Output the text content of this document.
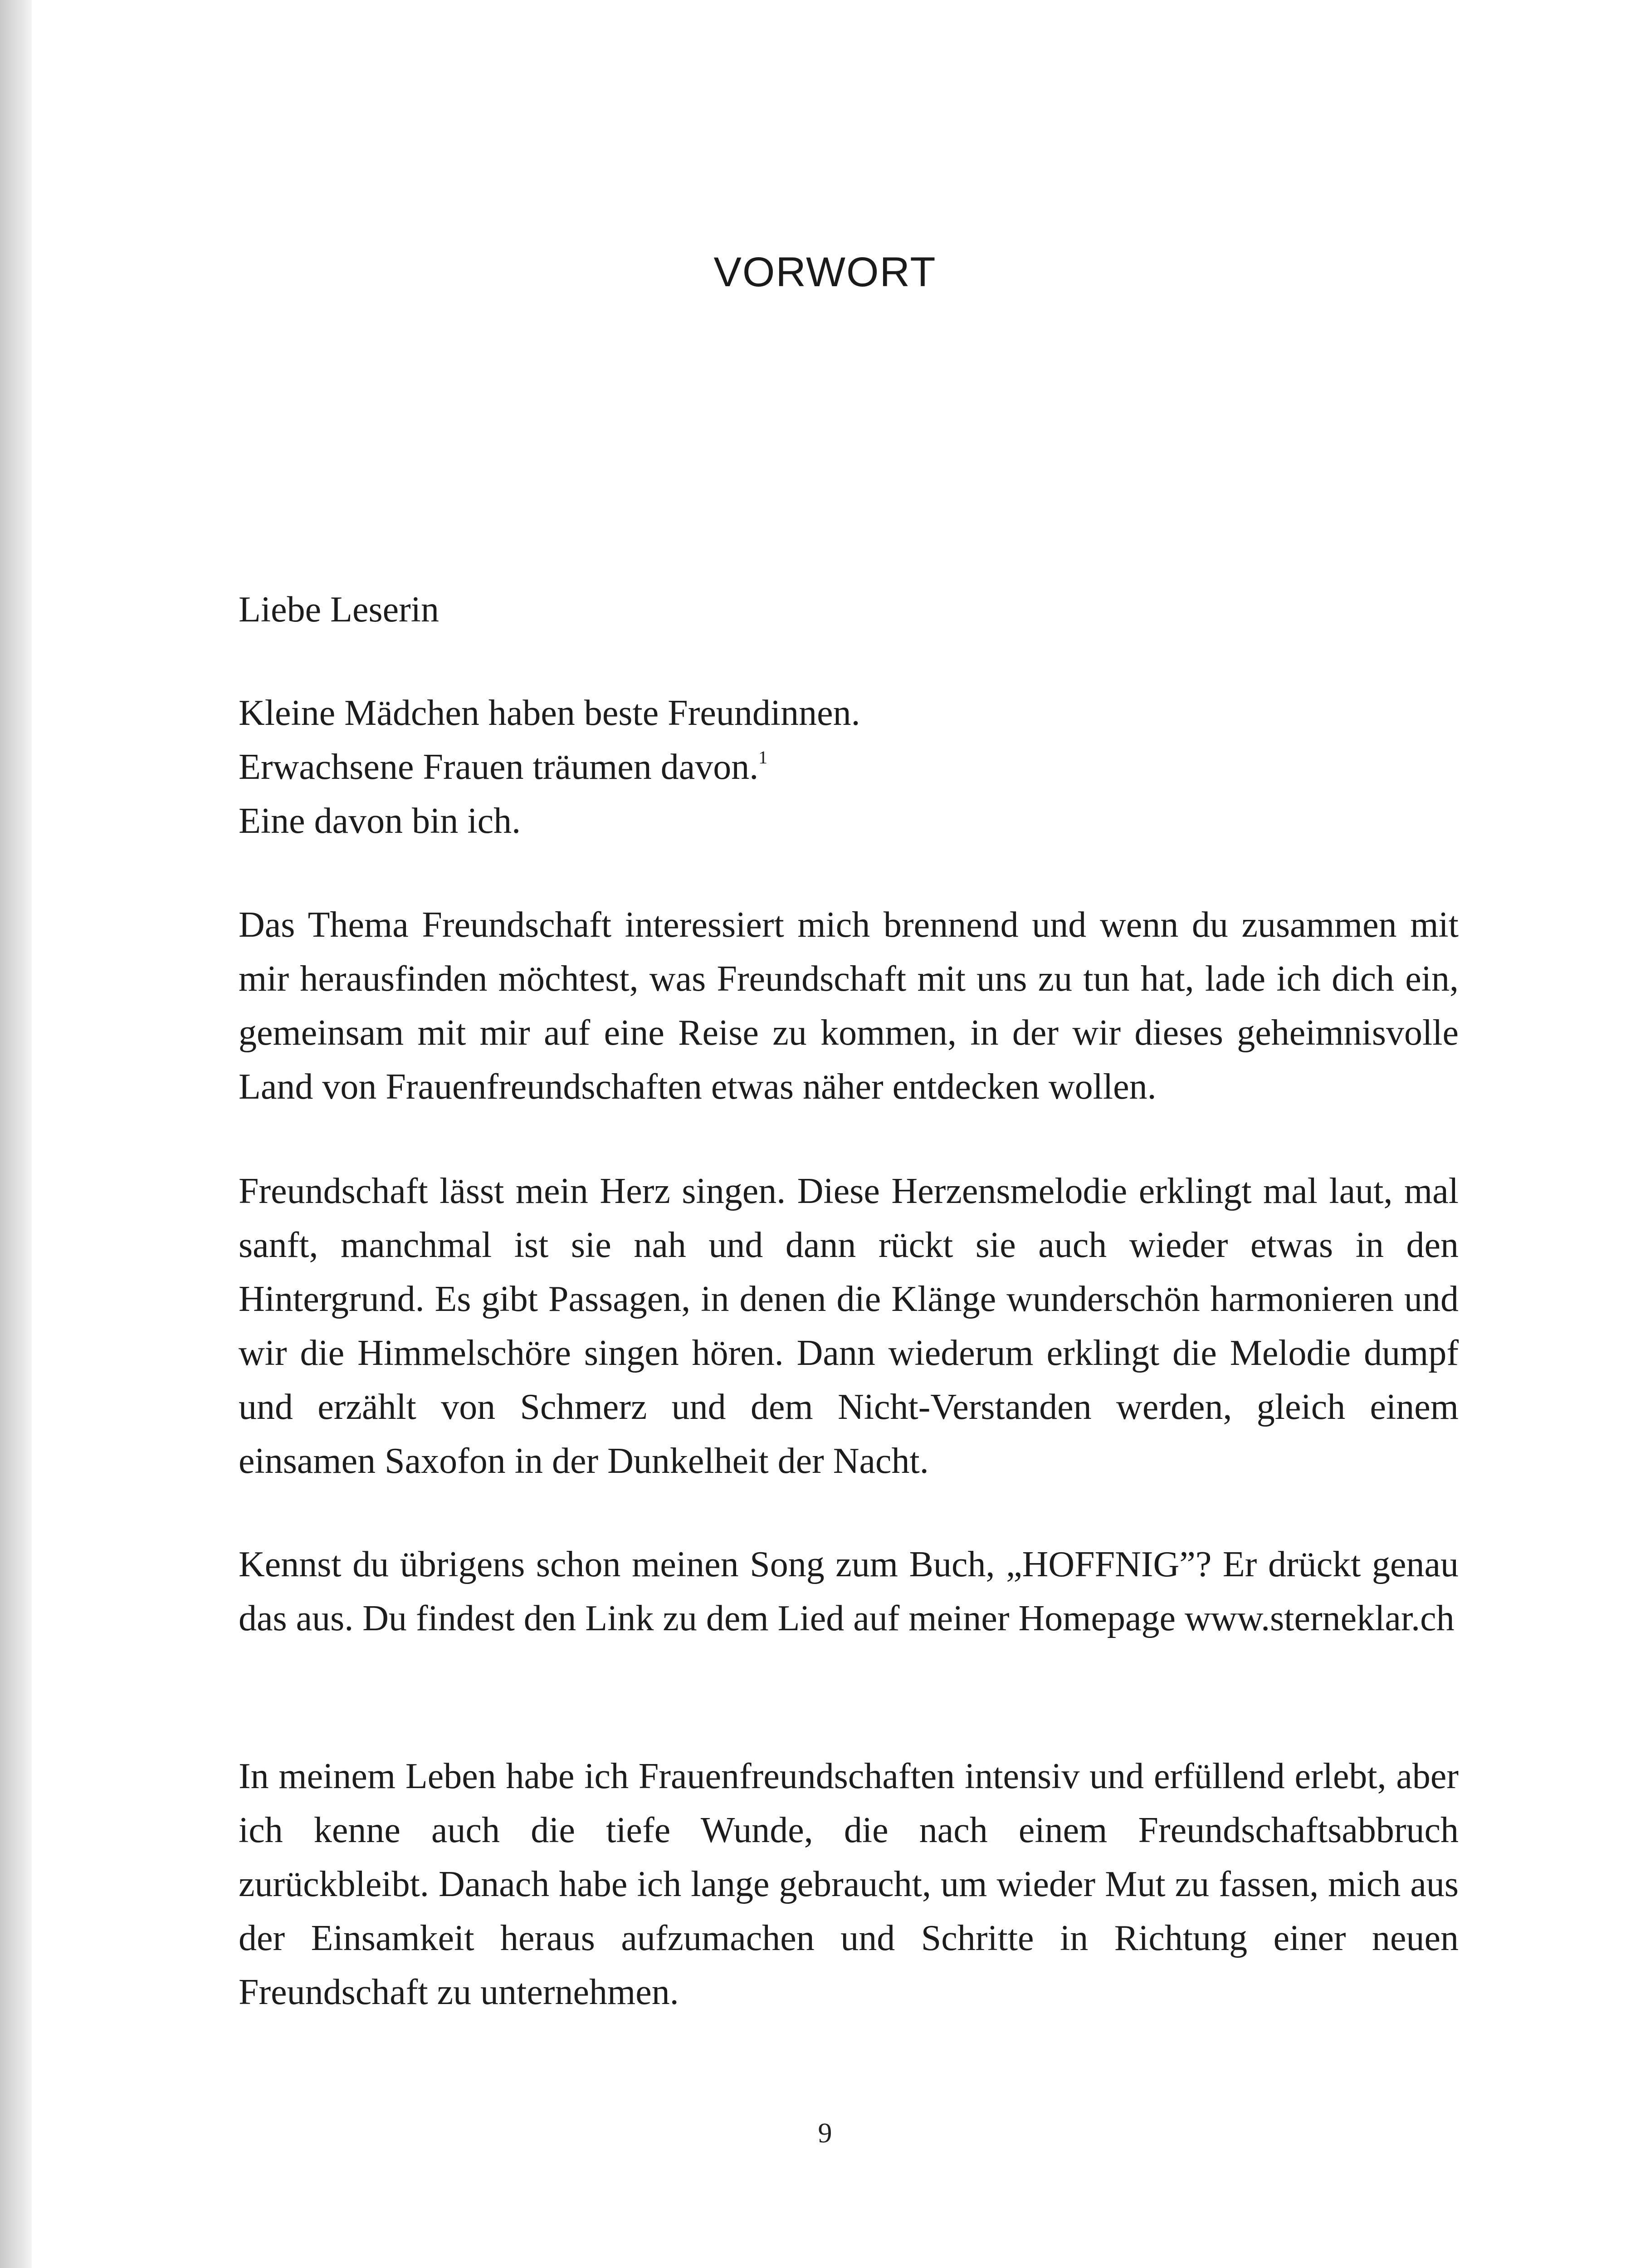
VORWORT

Liebe Leserin

Kleine Mädchen haben beste Freundinnen.
Erwachsene Frauen träumen davon.$^1$
Eine davon bin ich.

Das Thema Freundschaft interessiert mich brennend und wenn du zusammen mit mir herausfinden möchtest, was Freundschaft mit uns zu tun hat, lade ich dich ein, gemeinsam mit mir auf eine Reise zu kommen, in der wir dieses geheimnisvolle Land von Frauenfreundschaften etwas näher entdecken wollen.

Freundschaft lässt mein Herz singen. Diese Herzensmelodie erklingt mal laut, mal sanft, manchmal ist sie nah und dann rückt sie auch wieder etwas in den Hintergrund. Es gibt Passagen, in denen die Klänge wunderschön harmonieren und wir die Himmelschöre singen hören. Dann wiederum erklingt die Melodie dumpf und erzählt von Schmerz und dem Nicht-Verstanden werden, gleich einem einsamen Saxofon in der Dunkelheit der Nacht.

Kennst du übrigens schon meinen Song zum Buch, „HOFFNIG”? Er drückt genau das aus. Du findest den Link zu dem Lied auf meiner Homepage www.sterneklar.ch

In meinem Leben habe ich Frauenfreundschaften intensiv und erfüllend erlebt, aber ich kenne auch die tiefe Wunde, die nach einem Freundschaftsabbruch zurückbleibt. Danach habe ich lange gebraucht, um wieder Mut zu fassen, mich aus der Einsamkeit heraus aufzumachen und Schritte in Richtung einer neuen Freundschaft zu unternehmen.

9
